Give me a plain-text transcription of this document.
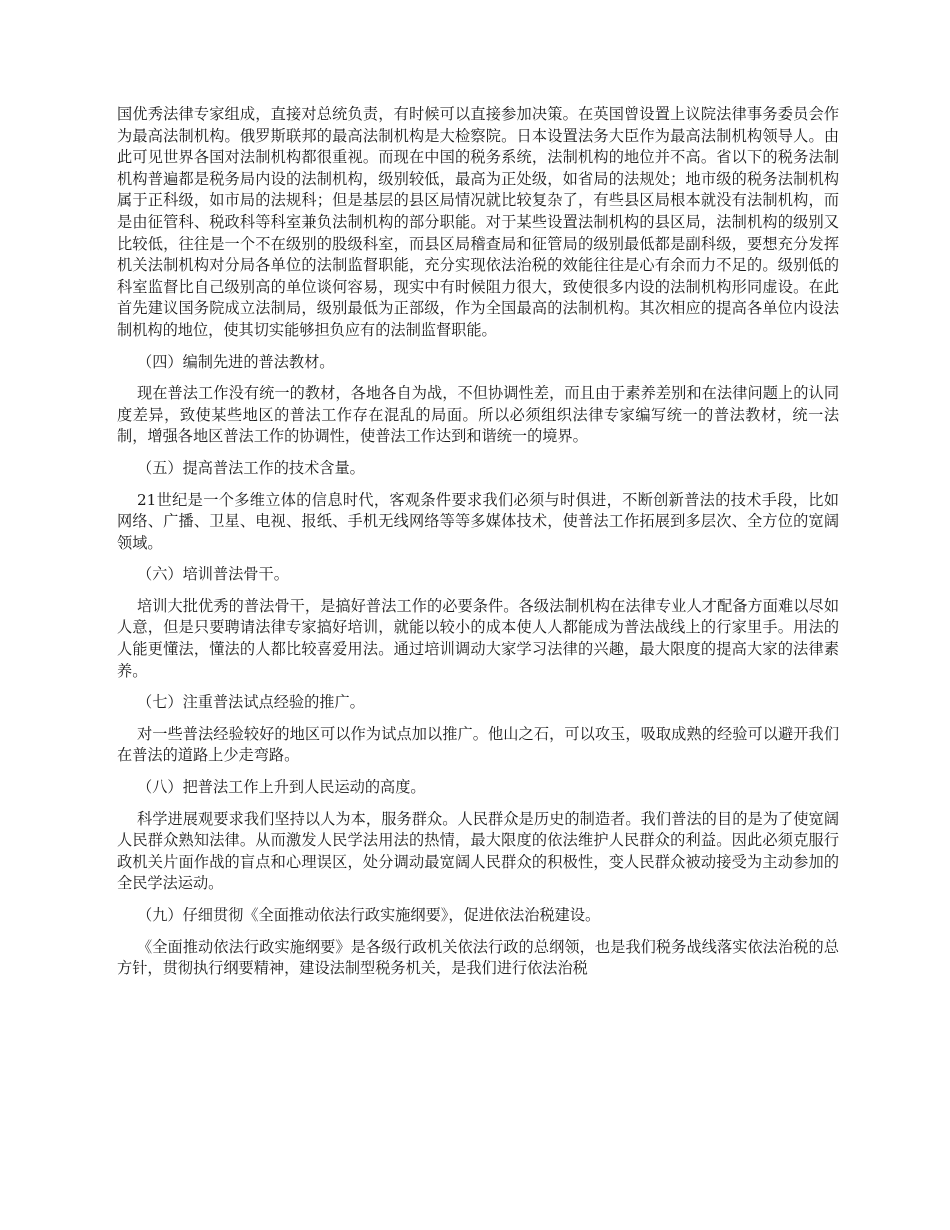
国优秀法律专家组成，直接对总统负责，有时候可以直接参加决策。在英国曾设置上议院法律事务委员会作为最高法制机构。俄罗斯联邦的最高法制机构是大检察院。日本设置法务大臣作为最高法制机构领导人。由此可见世界各国对法制机构都很重视。而现在中国的税务系统，法制机构的地位并不高。省以下的税务法制机构普遍都是税务局内设的法制机构，级别较低，最高为正处级，如省局的法规处；地市级的税务法制机构属于正科级，如市局的法规科；但是基层的县区局情况就比较复杂了，有些县区局根本就没有法制机构，而是由征管科、税政科等科室兼负法制机构的部分职能。对于某些设置法制机构的县区局，法制机构的级别又比较低，往往是一个不在级别的股级科室，而县区局稽查局和征管局的级别最低都是副科级，要想充分发挥机关法制机构对分局各单位的法制监督职能，充分实现依法治税的效能往往是心有余而力不足的。级别低的科室监督比自己级别高的单位谈何容易，现实中有时候阻力很大，致使很多内设的法制机构形同虚设。在此首先建议国务院成立法制局，级别最低为正部级，作为全国最高的法制机构。其次相应的提高各单位内设法制机构的地位，使其切实能够担负应有的法制监督职能。

（四）编制先进的普法教材。

现在普法工作没有统一的教材，各地各自为战，不但协调性差，而且由于素养差别和在法律问题上的认同度差异，致使某些地区的普法工作存在混乱的局面。所以必须组织法律专家编写统一的普法教材，统一法制，增强各地区普法工作的协调性，使普法工作达到和谐统一的境界。

（五）提高普法工作的技术含量。

21世纪是一个多维立体的信息时代，客观条件要求我们必须与时俱进，不断创新普法的技术手段，比如网络、广播、卫星、电视、报纸、手机无线网络等等多媒体技术，使普法工作拓展到多层次、全方位的宽阔领域。

（六）培训普法骨干。

培训大批优秀的普法骨干，是搞好普法工作的必要条件。各级法制机构在法律专业人才配备方面难以尽如人意，但是只要聘请法律专家搞好培训，就能以较小的成本使人人都能成为普法战线上的行家里手。用法的人能更懂法，懂法的人都比较喜爱用法。通过培训调动大家学习法律的兴趣，最大限度的提高大家的法律素养。

（七）注重普法试点经验的推广。

对一些普法经验较好的地区可以作为试点加以推广。他山之石，可以攻玉，吸取成熟的经验可以避开我们在普法的道路上少走弯路。

（八）把普法工作上升到人民运动的高度。

科学进展观要求我们坚持以人为本，服务群众。人民群众是历史的制造者。我们普法的目的是为了使宽阔人民群众熟知法律。从而激发人民学法用法的热情，最大限度的依法维护人民群众的利益。因此必须克服行政机关片面作战的盲点和心理误区，处分调动最宽阔人民群众的积极性，变人民群众被动接受为主动参加的全民学法运动。

（九）仔细贯彻《全面推动依法行政实施纲要》，促进依法治税建设。

《全面推动依法行政实施纲要》是各级行政机关依法行政的总纲领，也是我们税务战线落实依法治税的总方针，贯彻执行纲要精神，建设法制型税务机关，是我们进行依法治税
